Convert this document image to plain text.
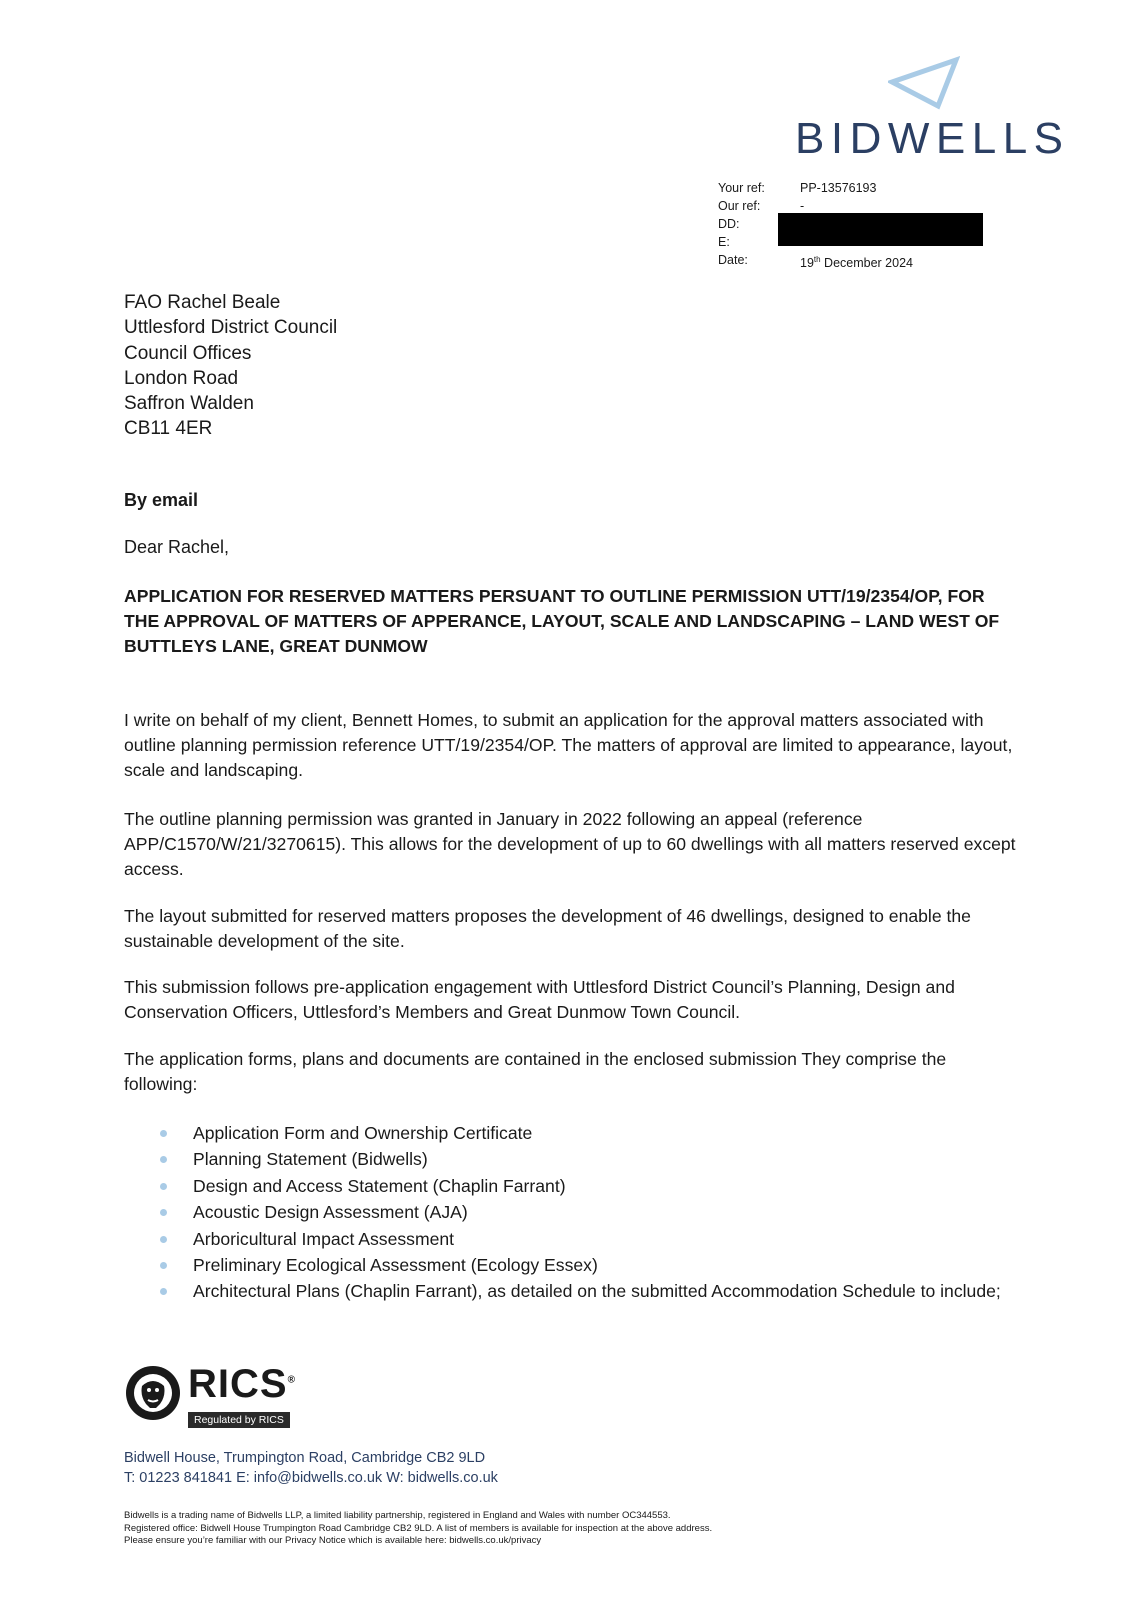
BIDWELLS
Your ref:	PP-13576193
Our ref:	-
DD:
E:
Date:	19th December 2024
FAO Rachel Beale
Uttlesford District Council
Council Offices
London Road
Saffron Walden
CB11 4ER
By email
Dear Rachel,
APPLICATION FOR RESERVED MATTERS PERSUANT TO OUTLINE PERMISSION UTT/19/2354/OP, FOR THE APPROVAL OF MATTERS OF APPERANCE, LAYOUT, SCALE AND LANDSCAPING – LAND WEST OF BUTTLEYS LANE, GREAT DUNMOW
I write on behalf of my client, Bennett Homes, to submit an application for the approval matters associated with outline planning permission reference UTT/19/2354/OP. The matters of approval are limited to appearance, layout, scale and landscaping.
The outline planning permission was granted in January in 2022 following an appeal (reference APP/C1570/W/21/3270615). This allows for the development of up to 60 dwellings with all matters reserved except access.
The layout submitted for reserved matters proposes the development of 46 dwellings, designed to enable the sustainable development of the site.
This submission follows pre-application engagement with Uttlesford District Council’s Planning, Design and Conservation Officers, Uttlesford’s Members and Great Dunmow Town Council.
The application forms, plans and documents are contained in the enclosed submission They comprise the following:
Application Form and Ownership Certificate
Planning Statement (Bidwells)
Design and Access Statement (Chaplin Farrant)
Acoustic Design Assessment (AJA)
Arboricultural Impact Assessment
Preliminary Ecological Assessment (Ecology Essex)
Architectural Plans (Chaplin Farrant), as detailed on the submitted Accommodation Schedule to include;
RICS®
Regulated by RICS
Bidwell House, Trumpington Road, Cambridge CB2 9LD
T: 01223 841841 E: info@bidwells.co.uk W: bidwells.co.uk
Bidwells is a trading name of Bidwells LLP, a limited liability partnership, registered in England and Wales with number OC344553.
Registered office: Bidwell House Trumpington Road Cambridge CB2 9LD. A list of members is available for inspection at the above address.
Please ensure you’re familiar with our Privacy Notice which is available here: bidwells.co.uk/privacy
